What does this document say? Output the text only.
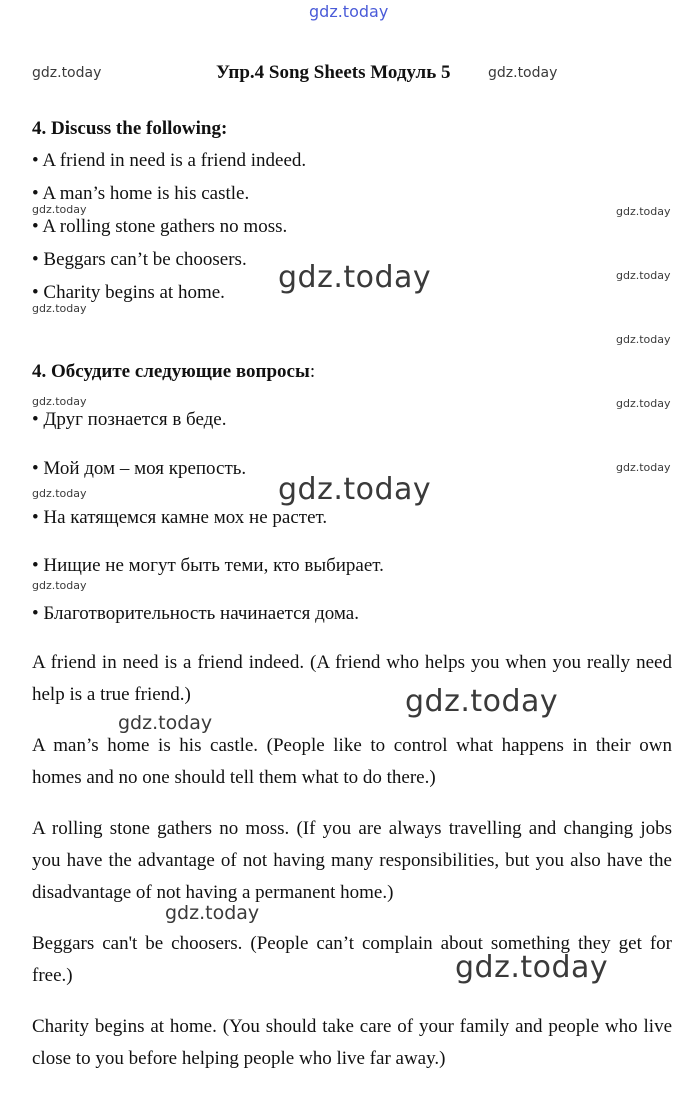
gdz.today
gdz.today	gdz.today
gdz.today	gdz.today
gdz.today	gdz.today
gdz.today
gdz.today
gdz.today	gdz.today
gdz.today
gdz.today
gdz.today
gdz.today
gdz.today
gdz.today
gdz.today
gdz.today
Упр.4 Song Sheets Модуль 5
4. Discuss the following:
• A friend in need is a friend indeed.
• A man’s home is his castle.
• A rolling stone gathers no moss.
• Beggars can’t be choosers.
• Charity begins at home.
4. Обсудите следующие вопросы:
• Друг познается в беде.
• Мой дом – моя крепость.
• На катящемся камне мох не растет.
• Нищие не могут быть теми, кто выбирает.
• Благотворительность начинается дома.
A friend in need is a friend indeed. (A friend who helps you when you really need help is a true friend.)
A man’s home is his castle. (People like to control what happens in their own homes and no one should tell them what to do there.)
A rolling stone gathers no moss. (If you are always travelling and changing jobs you have the advantage of not having many responsibilities, but you also have the disadvantage of not having a permanent home.)
Beggars can't be choosers. (People can’t complain about something they get for free.)
Charity begins at home. (You should take care of your family and people who live close to you before helping people who live far away.)
